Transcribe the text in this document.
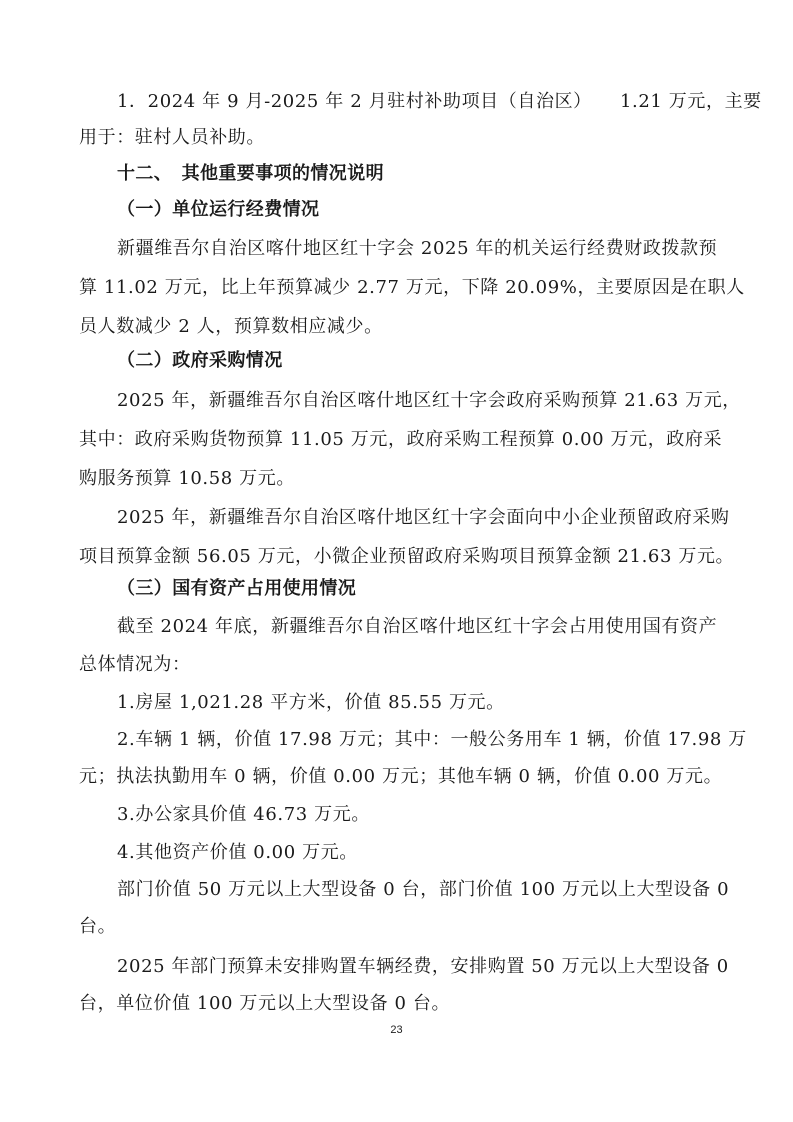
1．2024 年 9 月-2025 年 2 月驻村补助项目（自治区）　　1.21 万元，主要
用于：驻村人员补助。
十二、　其他重要事项的情况说明
（一）单位运行经费情况
新疆维吾尔自治区喀什地区红十字会 2025 年的机关运行经费财政拨款预
算 11.02 万元，比上年预算减少 2.77 万元，下降 20.09%，主要原因是在职人
员人数减少 2 人，预算数相应减少。
（二）政府采购情况
2025 年，新疆维吾尔自治区喀什地区红十字会政府采购预算 21.63 万元，
其中：政府采购货物预算 11.05 万元，政府采购工程预算 0.00 万元，政府采
购服务预算 10.58 万元。
2025 年，新疆维吾尔自治区喀什地区红十字会面向中小企业预留政府采购
项目预算金额 56.05 万元，小微企业预留政府采购项目预算金额 21.63 万元。
（三）国有资产占用使用情况
截至 2024 年底，新疆维吾尔自治区喀什地区红十字会占用使用国有资产
总体情况为：
1.房屋 1,021.28 平方米，价值 85.55 万元。
2.车辆 1 辆，价值 17.98 万元；其中：一般公务用车 1 辆，价值 17.98 万
元；执法执勤用车 0 辆，价值 0.00 万元；其他车辆 0 辆，价值 0.00 万元。
3.办公家具价值 46.73 万元。
4.其他资产价值 0.00 万元。
部门价值 50 万元以上大型设备 0 台，部门价值 100 万元以上大型设备 0
台。
2025 年部门预算未安排购置车辆经费，安排购置 50 万元以上大型设备 0
台，单位价值 100 万元以上大型设备 0 台。
23
